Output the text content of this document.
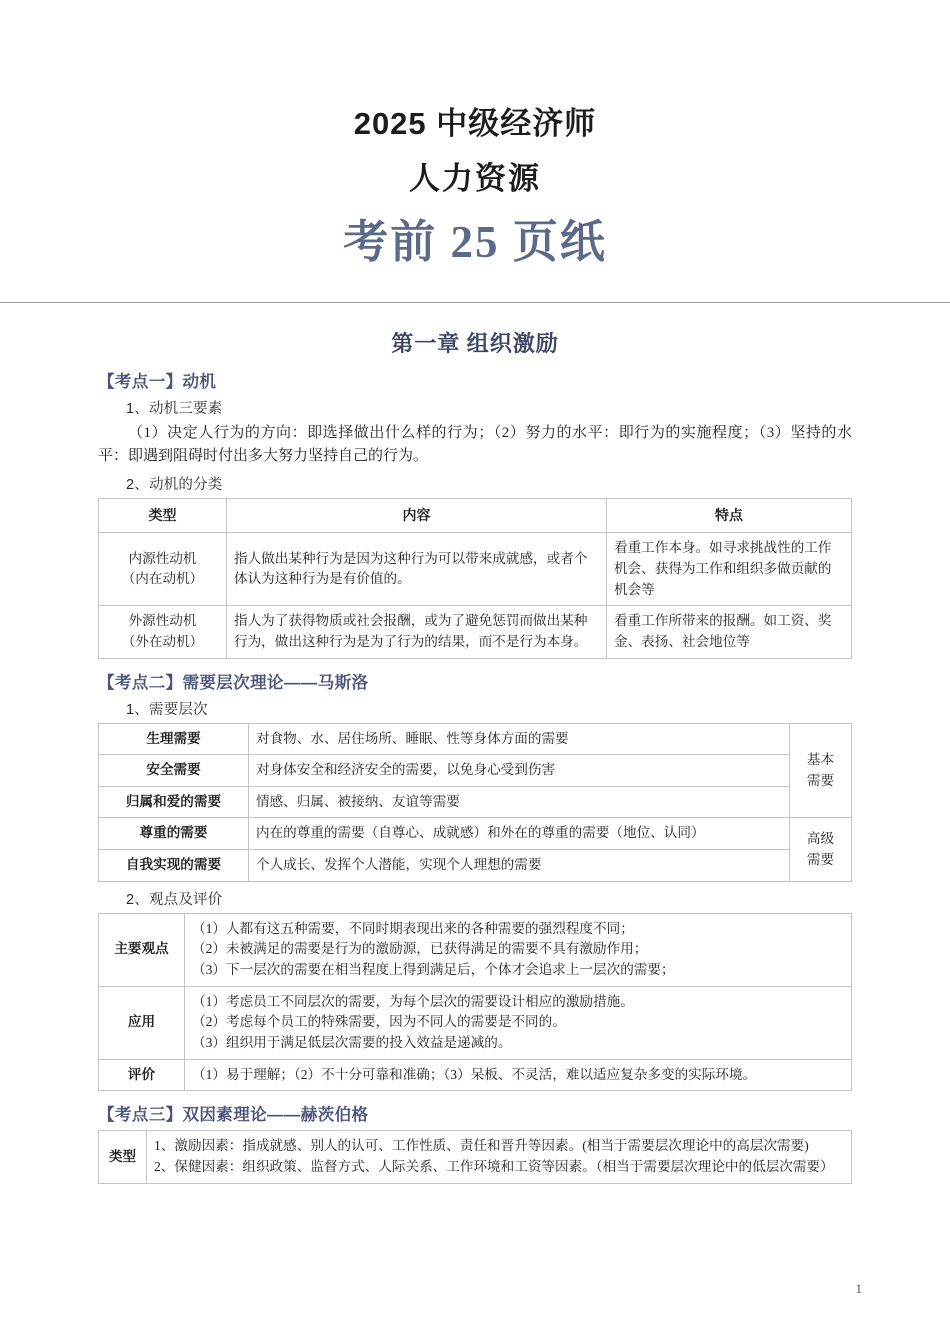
2025 中级经济师
人力资源
考前 25 页纸
第一章 组织激励
【考点一】动机
1、动机三要素
（1）决定人行为的方向：即选择做出什么样的行为；（2）努力的水平：即行为的实施程度；（3）坚持的水平：即遇到阻碍时付出多大努力坚持自己的行为。
2、动机的分类
类型	内容	特点

内源性动机
（内在动机）	指人做出某种行为是因为这种行为可以带来成就感，或者个体认为这种行为是有价值的。	看重工作本身。如寻求挑战性的工作机会、获得为工作和组织多做贡献的机会等

外源性动机
（外在动机）	指人为了获得物质或社会报酬，或为了避免惩罚而做出某种行为，做出这种行为是为了行为的结果，而不是行为本身。	看重工作所带来的报酬。如工资、奖金、表扬、社会地位等
【考点二】需要层次理论——马斯洛
1、需要层次
生理需要	对食物、水、居住场所、睡眠、性等身体方面的需要	基本
需要

安全需要	对身体安全和经济安全的需要，以免身心受到伤害	
归属和爱的需要	情感、归属、被接纳、友谊等需要	
尊重的需要	内在的尊重的需要（自尊心、成就感）和外在的尊重的需要（地位、认同）	高级
需要

自我实现的需要	个人成长、发挥个人潜能，实现个人理想的需要	
2、观点及评价
主要观点	（1）人都有这五种需要，不同时期表现出来的各种需要的强烈程度不同；
（2）未被满足的需要是行为的激励源，已获得满足的需要不具有激励作用；
（3）下一层次的需要在相当程度上得到满足后，个体才会追求上一层次的需要；

应用	（1）考虑员工不同层次的需要，为每个层次的需要设计相应的激励措施。
（2）考虑每个员工的特殊需要，因为不同人的需要是不同的。
（3）组织用于满足低层次需要的投入效益是递减的。

评价	（1）易于理解；（2）不十分可靠和准确；（3）呆板、不灵活，难以适应复杂多变的实际环境。
【考点三】双因素理论——赫茨伯格
类型	
1、激励因素：指成就感、别人的认可、工作性质、责任和晋升等因素。(相当于需要层次理论中的高层次需要)
2、保健因素：组织政策、监督方式、人际关系、工作环境和工资等因素。（相当于需要层次理论中的低层次需要）
1
